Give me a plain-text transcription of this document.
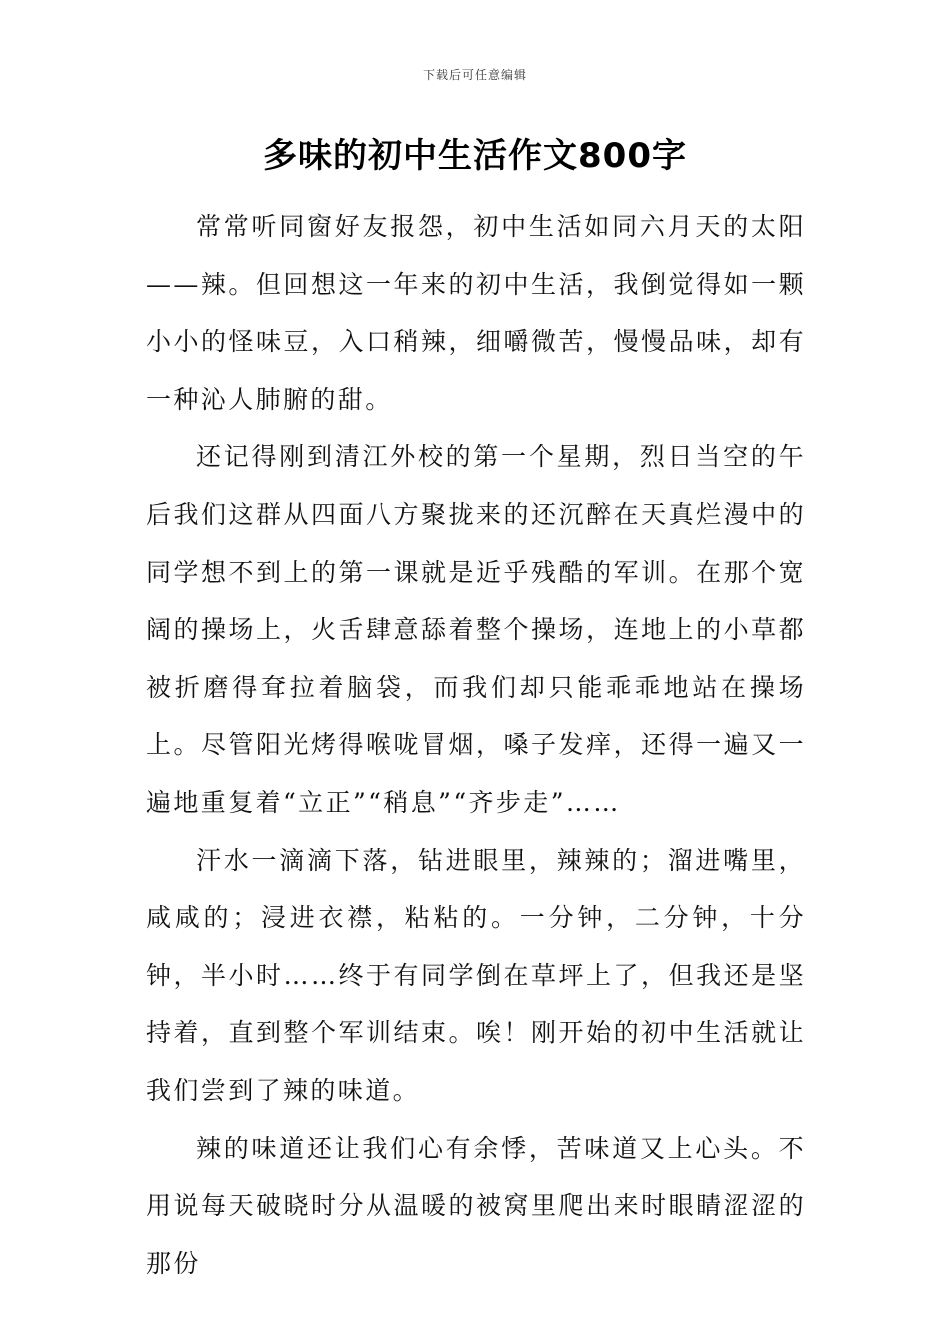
下载后可任意编辑
多味的初中生活作文800字

常常听同窗好友报怨，初中生活如同六月天的太阳——辣。但回想这一年来的初中生活，我倒觉得如一颗小小的怪味豆，入口稍辣，细嚼微苦，慢慢品味，却有一种沁人肺腑的甜。

还记得刚到清江外校的第一个星期，烈日当空的午后我们这群从四面八方聚拢来的还沉醉在天真烂漫中的同学想不到上的第一课就是近乎残酷的军训。在那个宽阔的操场上，火舌肆意舔着整个操场，连地上的小草都被折磨得耷拉着脑袋，而我们却只能乖乖地站在操场上。尽管阳光烤得喉咙冒烟，嗓子发痒，还得一遍又一遍地重复着“立正”“稍息”“齐步走”……

汗水一滴滴下落，钻进眼里，辣辣的；溜进嘴里，咸咸的；浸进衣襟，粘粘的。一分钟，二分钟，十分钟，半小时……终于有同学倒在草坪上了，但我还是坚持着，直到整个军训结束。唉！刚开始的初中生活就让我们尝到了辣的味道。

辣的味道还让我们心有余悸，苦味道又上心头。不用说每天破晓时分从温暖的被窝里爬出来时眼睛涩涩的那份
